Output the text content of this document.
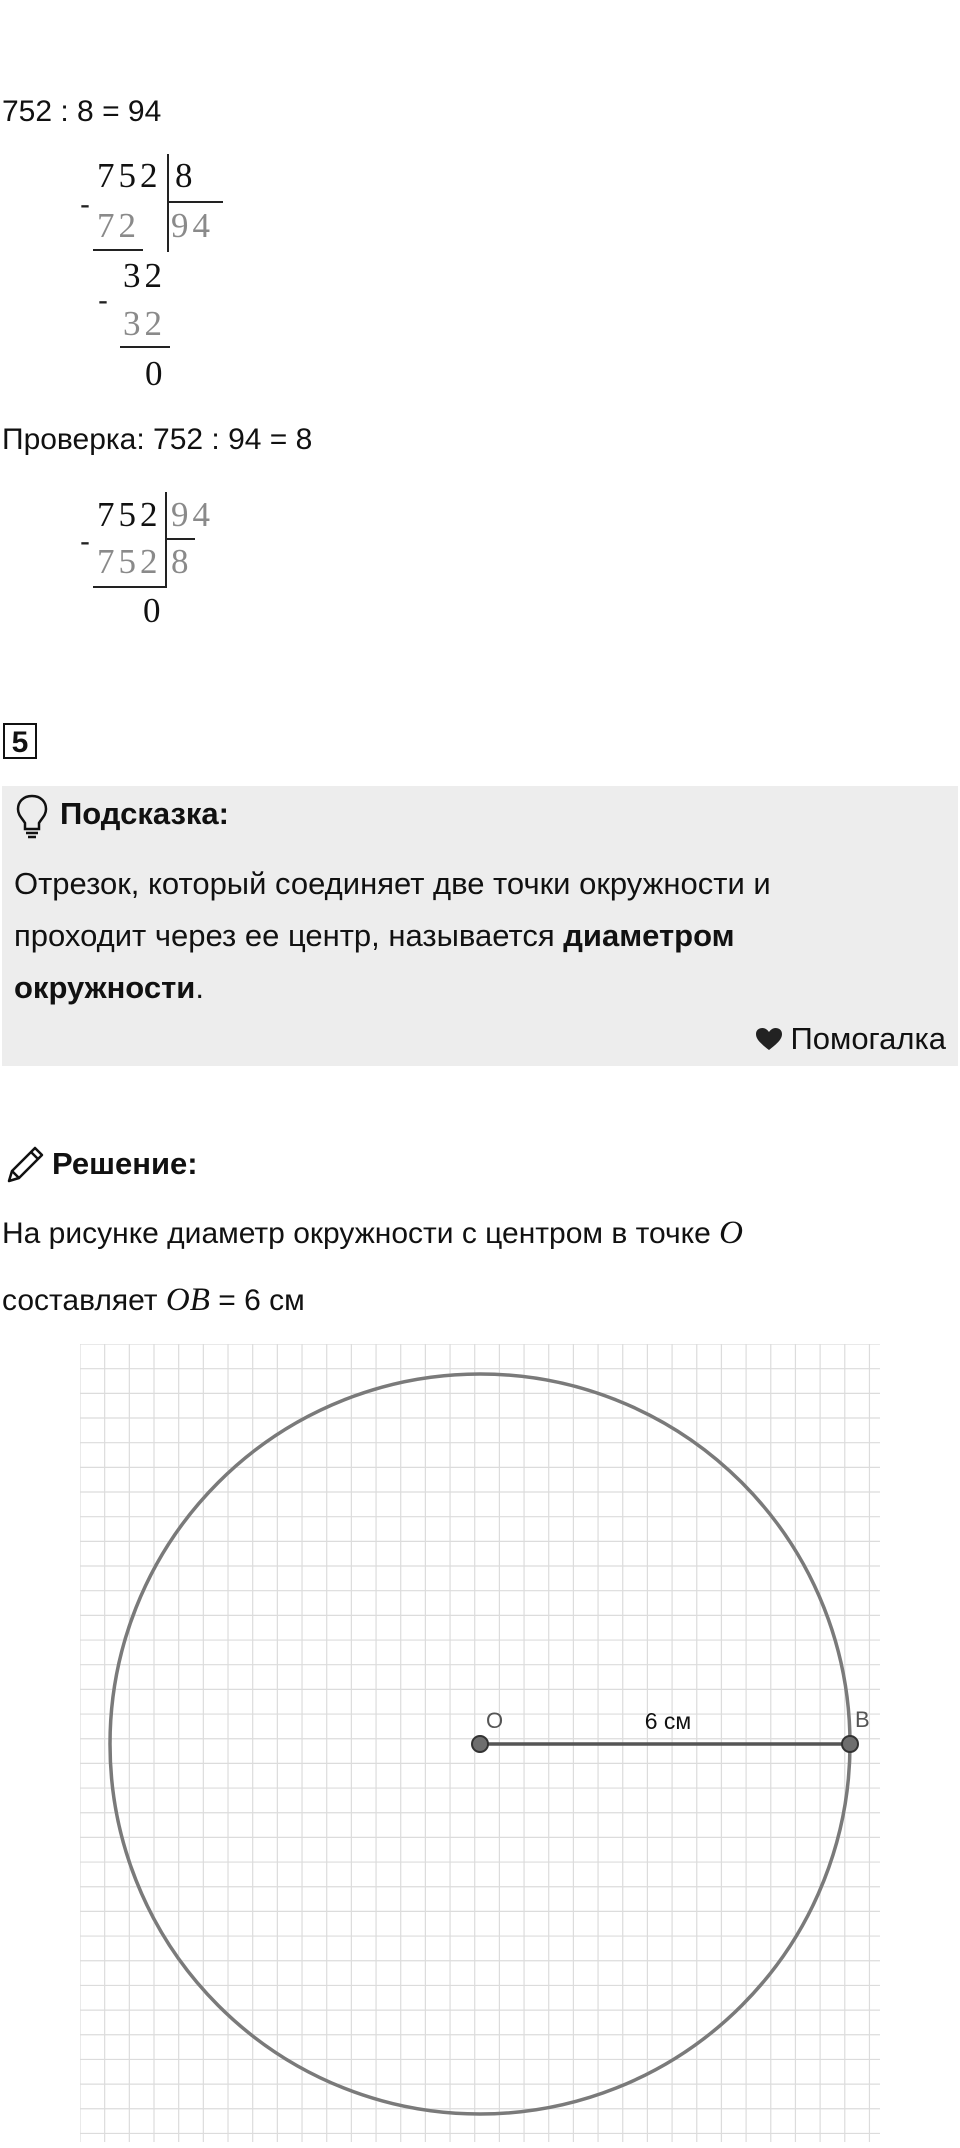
752 : 8 = 94
752 8
-
72 94
32
-
32
0
Проверка: 752 : 94 = 8
752 94
-
752 8
0
5
Подсказка:
Отрезок, который соединяет две точки окружности и
проходит через ее центр, называется диаметром
окружности.
Помогалка
Решение:
На рисунке диаметр окружности с центром в точке O
составляет OB = 6 см
O	B
6 см
